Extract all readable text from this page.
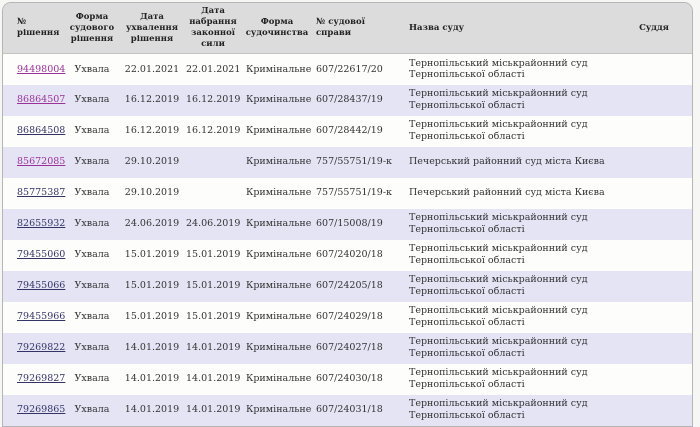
№ рішення	Форма судового рішення	Дата ухвалення рішення	Дата набрання законної сили	Форма судочинства	№ судової справи	Назва суду	Суддя
94498004	Ухвала	22.01.2021	22.01.2021	Кримінальне	607/22617/20	Тернопільський міськрайонний суд Тернопільської області	
86864507	Ухвала	16.12.2019	16.12.2019	Кримінальне	607/28437/19	Тернопільський міськрайонний суд Тернопільської області	
86864508	Ухвала	16.12.2019	16.12.2019	Кримінальне	607/28442/19	Тернопільський міськрайонний суд Тернопільської області	
85672085	Ухвала	29.10.2019		Кримінальне	757/55751/19-к	Печерський районний суд міста Києва	
85775387	Ухвала	29.10.2019		Кримінальне	757/55751/19-к	Печерський районний суд міста Києва	
82655932	Ухвала	24.06.2019	24.06.2019	Кримінальне	607/15008/19	Тернопільський міськрайонний суд Тернопільської області	
79455060	Ухвала	15.01.2019	15.01.2019	Кримінальне	607/24020/18	Тернопільський міськрайонний суд Тернопільської області	
79455066	Ухвала	15.01.2019	15.01.2019	Кримінальне	607/24205/18	Тернопільський міськрайонний суд Тернопільської області	
79455966	Ухвала	15.01.2019	15.01.2019	Кримінальне	607/24029/18	Тернопільський міськрайонний суд Тернопільської області	
79269822	Ухвала	14.01.2019	14.01.2019	Кримінальне	607/24027/18	Тернопільський міськрайонний суд Тернопільської області	
79269827	Ухвала	14.01.2019	14.01.2019	Кримінальне	607/24030/18	Тернопільський міськрайонний суд Тернопільської області	
79269865	Ухвала	14.01.2019	14.01.2019	Кримінальне	607/24031/18	Тернопільський міськрайонний суд Тернопільської області	
